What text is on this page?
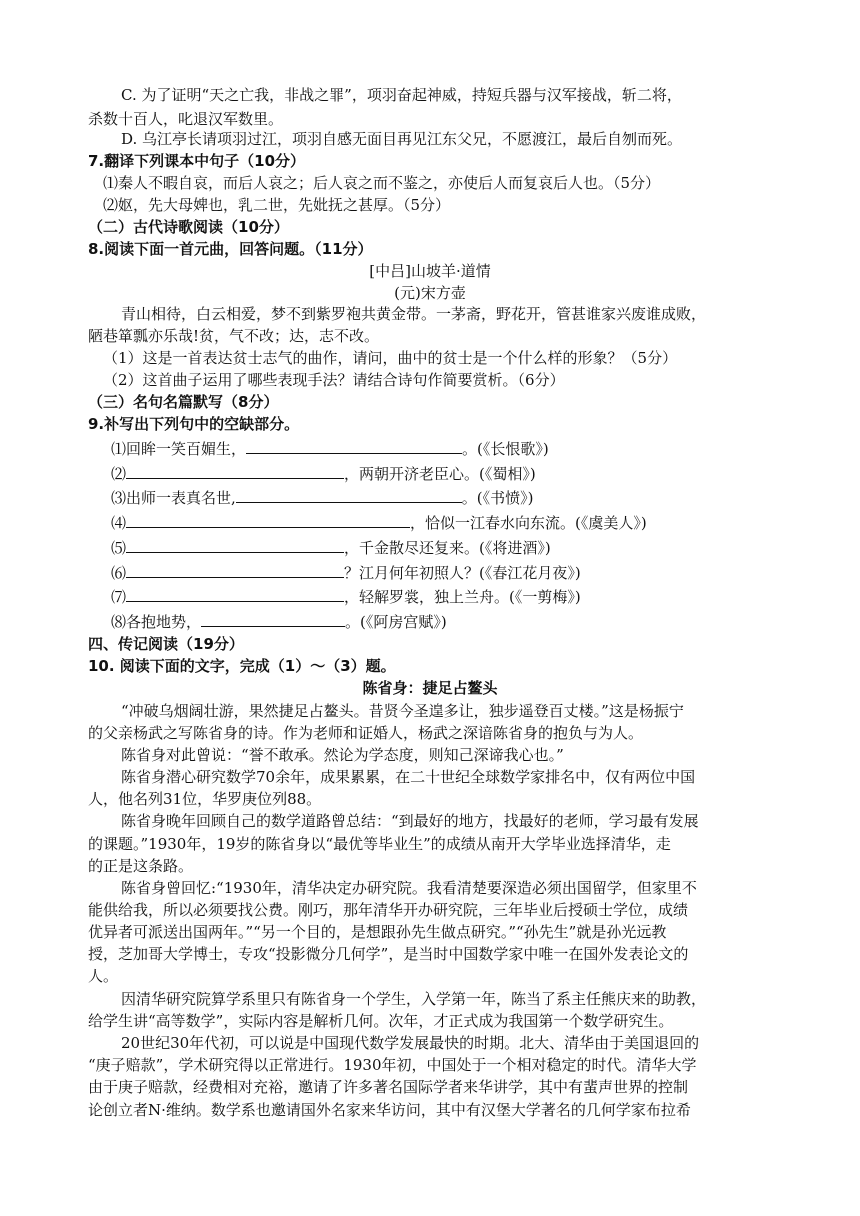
C. 为了证明“天之亡我，非战之罪”，项羽奋起神威，持短兵器与汉军接战，斩二将，
杀数十百人，叱退汉军数里。
D. 乌江亭长请项羽过江，项羽自感无面目再见江东父兄，不愿渡江，最后自刎而死。
7.翻译下列课本中句子（10分）
⑴秦人不暇自哀，而后人哀之；后人哀之而不鉴之，亦使后人而复哀后人也。（5分）
⑵妪，先大母婢也，乳二世，先妣抚之甚厚。（5分）
（二）古代诗歌阅读（10分）
8.阅读下面一首元曲，回答问题。（11分）
[中吕]山坡羊·道情
(元)宋方壶
青山相待，白云相爱，梦不到紫罗袍共黄金带。一茅斋，野花开，管甚谁家兴废谁成败，
陋巷箪瓢亦乐哉!贫，气不改；达，志不改。
（1）这是一首表达贫士志气的曲作，请问，曲中的贫士是一个什么样的形象？（5分）
（2）这首曲子运用了哪些表现手法？请结合诗句作简要赏析。（6分）
（三）名句名篇默写（8分）
9.补写出下列句中的空缺部分。
⑴回眸一笑百媚生，	。(《长恨歌》)
⑵	，两朝开济老臣心。(《蜀相》)
⑶出师一表真名世,	。(《书愤》)
⑷	，恰似一江春水向东流。(《虞美人》)
⑸	，千金散尽还复来。(《将进酒》)
⑹	？江月何年初照人？(《春江花月夜》)
⑺	，轻解罗裳，独上兰舟。(《一剪梅》)
⑻各抱地势，	。(《阿房宫赋》)
四、传记阅读（19分）
10. 阅读下面的文字，完成（1）～（3）题。
陈省身：捷足占鳌头
“冲破乌烟阔壮游，果然捷足占鳌头。昔贤今圣遑多让，独步遥登百丈楼。”这是杨振宁
的父亲杨武之写陈省身的诗。作为老师和证婚人，杨武之深谙陈省身的抱负与为人。
陈省身对此曾说：“誉不敢承。然论为学态度，则知己深谛我心也。”
陈省身潜心研究数学70余年，成果累累，在二十世纪全球数学家排名中，仅有两位中国
人，他名列31位，华罗庚位列88。
陈省身晚年回顾自己的数学道路曾总结：“到最好的地方，找最好的老师，学习最有发展
的课题。”1930年，19岁的陈省身以“最优等毕业生”的成绩从南开大学毕业选择清华，走
的正是这条路。
陈省身曾回忆:“1930年，清华决定办研究院。我看清楚要深造必须出国留学，但家里不
能供给我，所以必须要找公费。刚巧，那年清华开办研究院，三年毕业后授硕士学位，成绩
优异者可派送出国两年。”“另一个目的，是想跟孙先生做点研究。”“孙先生”就是孙光远教
授，芝加哥大学博士，专攻“投影微分几何学”，是当时中国数学家中唯一在国外发表论文的
人。
因清华研究院算学系里只有陈省身一个学生，入学第一年，陈当了系主任熊庆来的助教，
给学生讲“高等数学”，实际内容是解析几何。次年，才正式成为我国第一个数学研究生。
20世纪30年代初，可以说是中国现代数学发展最快的时期。北大、清华由于美国退回的
“庚子赔款”，学术研究得以正常进行。1930年初，中国处于一个相对稳定的时代。清华大学
由于庚子赔款，经费相对充裕，邀请了许多著名国际学者来华讲学，其中有蜚声世界的控制
论创立者N·维纳。数学系也邀请国外名家来华访问，其中有汉堡大学著名的几何学家布拉希
